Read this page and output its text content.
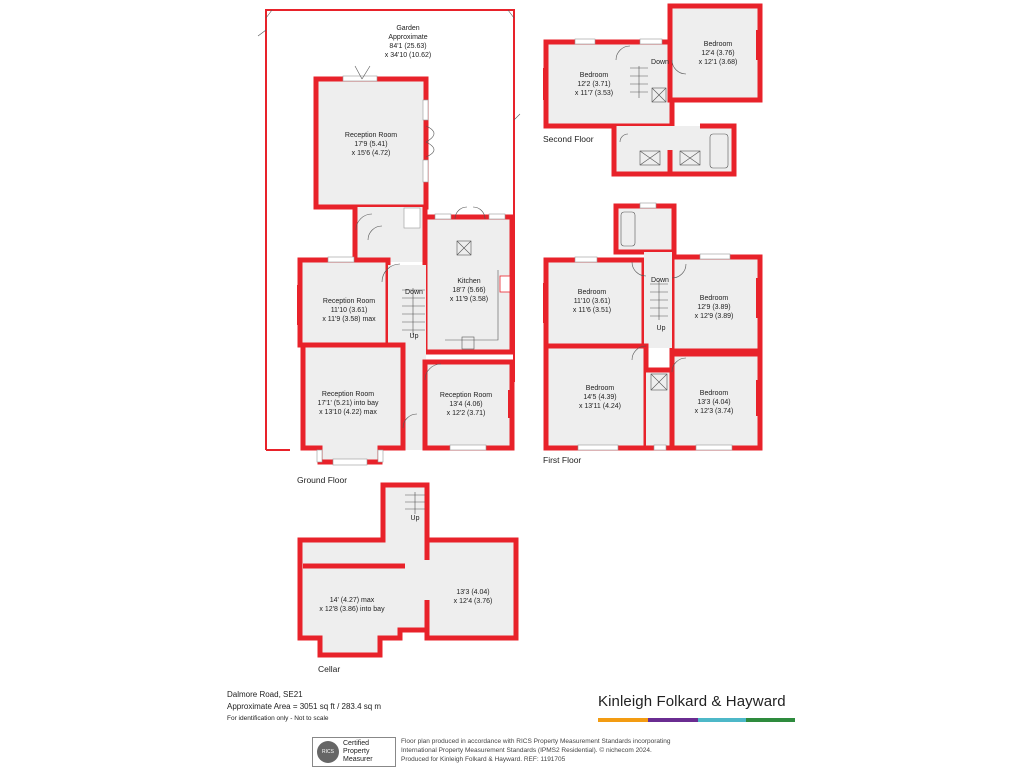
Garden
Approximate
84'1 (25.63)
x 34'10 (10.62)
Kitchen
18'7 (5.66)
x 11'9 (3.58)
Down
Up
Reception Room
17'9 (5.41)
x 15'6 (4.72)
Reception Room
11'10 (3.61)
x 11'9 (3.58) max
Reception Room
17'1' (5.21) into bay
x 13'10 (4.22) max
Reception Room
13'4 (4.06)
x 12'2 (3.71)
Ground Floor
Bedroom
12'2 (3.71)
x 11'7 (3.53)
Bedroom
12'4 (3.76)
x 12'1 (3.68)
Down
Second Floor
Bedroom
11'10 (3.61)
x 11'6 (3.51)
Bedroom
12'9 (3.89)
x 12'9 (3.89)
Bedroom
14'5 (4.39)
x 13'11 (4.24)
Bedroom
13'3 (4.04)
x 12'3 (3.74)
Down
Up
First Floor
Up
14' (4.27) max
x 12'8 (3.86) into bay
13'3 (4.04)
x 12'4 (3.76)
Cellar
Dalmore Road, SE21
Approximate Area = 3051 sq ft / 283.4 sq m
For identification only - Not to scale
Kinleigh Folkard & Hayward
RICS
Certified
Property
Measurer
Floor plan produced in accordance with RICS Property Measurement Standards incorporating
International Property Measurement Standards (IPMS2 Residential). © nichecom 2024.
Produced for Kinleigh Folkard & Hayward. REF: 1191705
